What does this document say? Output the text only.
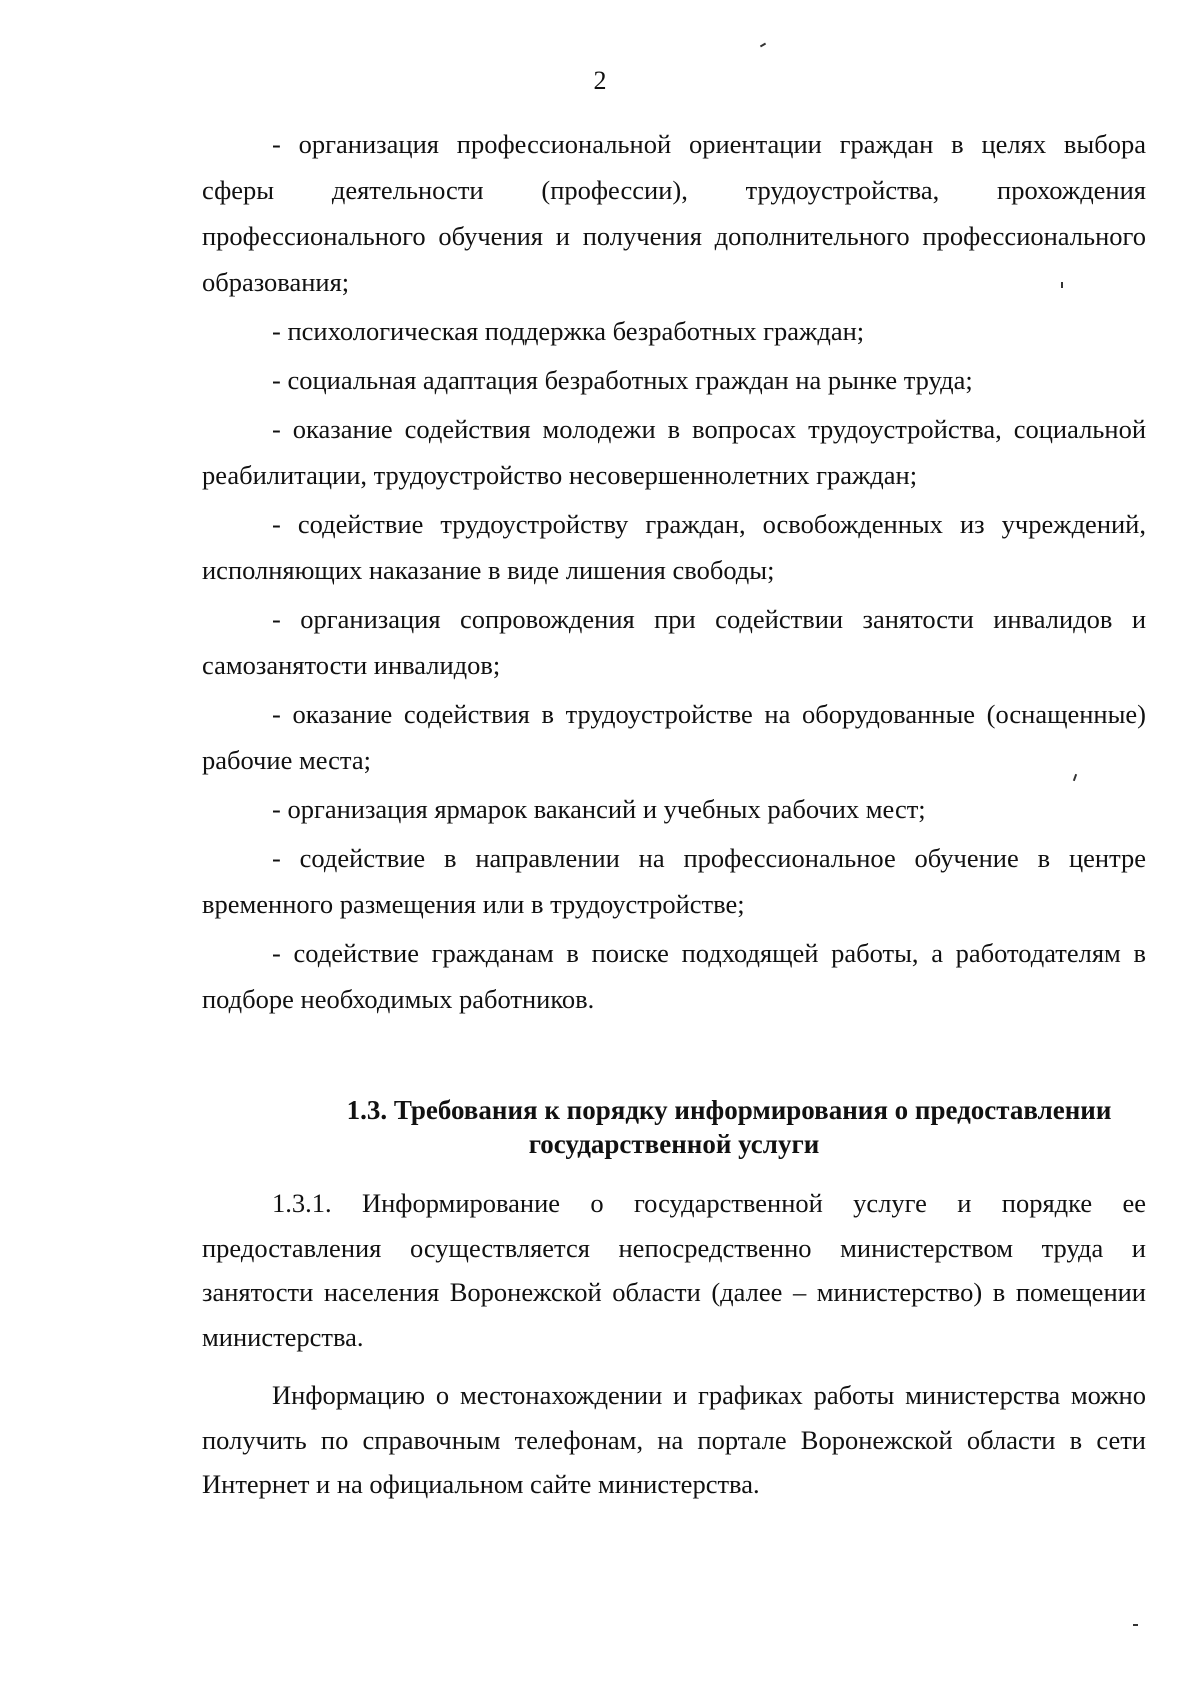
2

- организация профессиональной ориентации граждан в целях выбора сферы деятельности (профессии), трудоустройства, прохождения профессионального обучения и получения дополнительного профессионального образования;

- психологическая поддержка безработных граждан;

- социальная адаптация безработных граждан на рынке труда;

- оказание содействия молодежи в вопросах трудоустройства, социальной реабилитации, трудоустройство несовершеннолетних граждан;

- содействие трудоустройству граждан, освобожденных из учреждений, исполняющих наказание в виде лишения свободы;

- организация сопровождения при содействии занятости инвалидов и самозанятости инвалидов;

- оказание содействия в трудоустройстве на оборудованные (оснащенные) рабочие места;

- организация ярмарок вакансий и учебных рабочих мест;

- содействие в направлении на профессиональное обучение в центре временного размещения или в трудоустройстве;

- содействие гражданам в поиске подходящей работы, а работодателям в подборе необходимых работников.

1.3. Требования к порядку информирования о предоставлении
государственной услуги

1.3.1. Информирование о государственной услуге и порядке ее предоставления осуществляется непосредственно министерством труда и занятости населения Воронежской области (далее – министерство) в помещении министерства.

Информацию о местонахождении и графиках работы министерства можно получить по справочным телефонам, на портале Воронежской области в сети Интернет и на официальном сайте министерства.
